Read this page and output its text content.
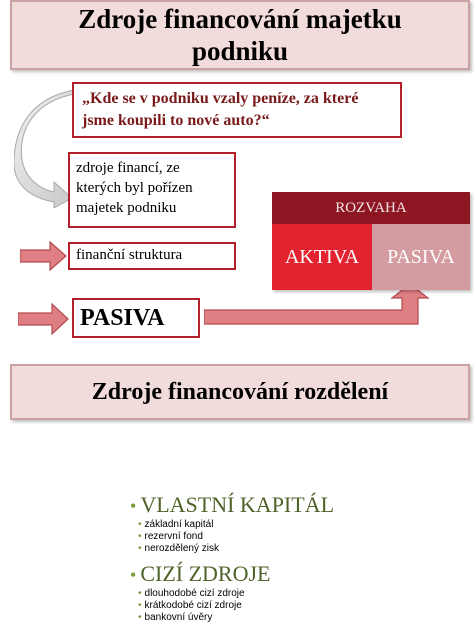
Zdroje financování majetku podniku
„Kde se v podniku vzaly peníze, za které jsme koupili to nové auto?“
zdroje financí, ze kterých byl pořízen majetek podniku
finanční struktura
PASIVA
ROZVAHA
AKTIVA	PASIVA
Zdroje financování rozdělení
• VLASTNÍ KAPITÁL
• základní kapitál
• rezervní fond
• nerozdělený zisk
• CIZÍ ZDROJE
• dlouhodobé cizí zdroje
• krátkodobé cizí zdroje
• bankovní úvěry
